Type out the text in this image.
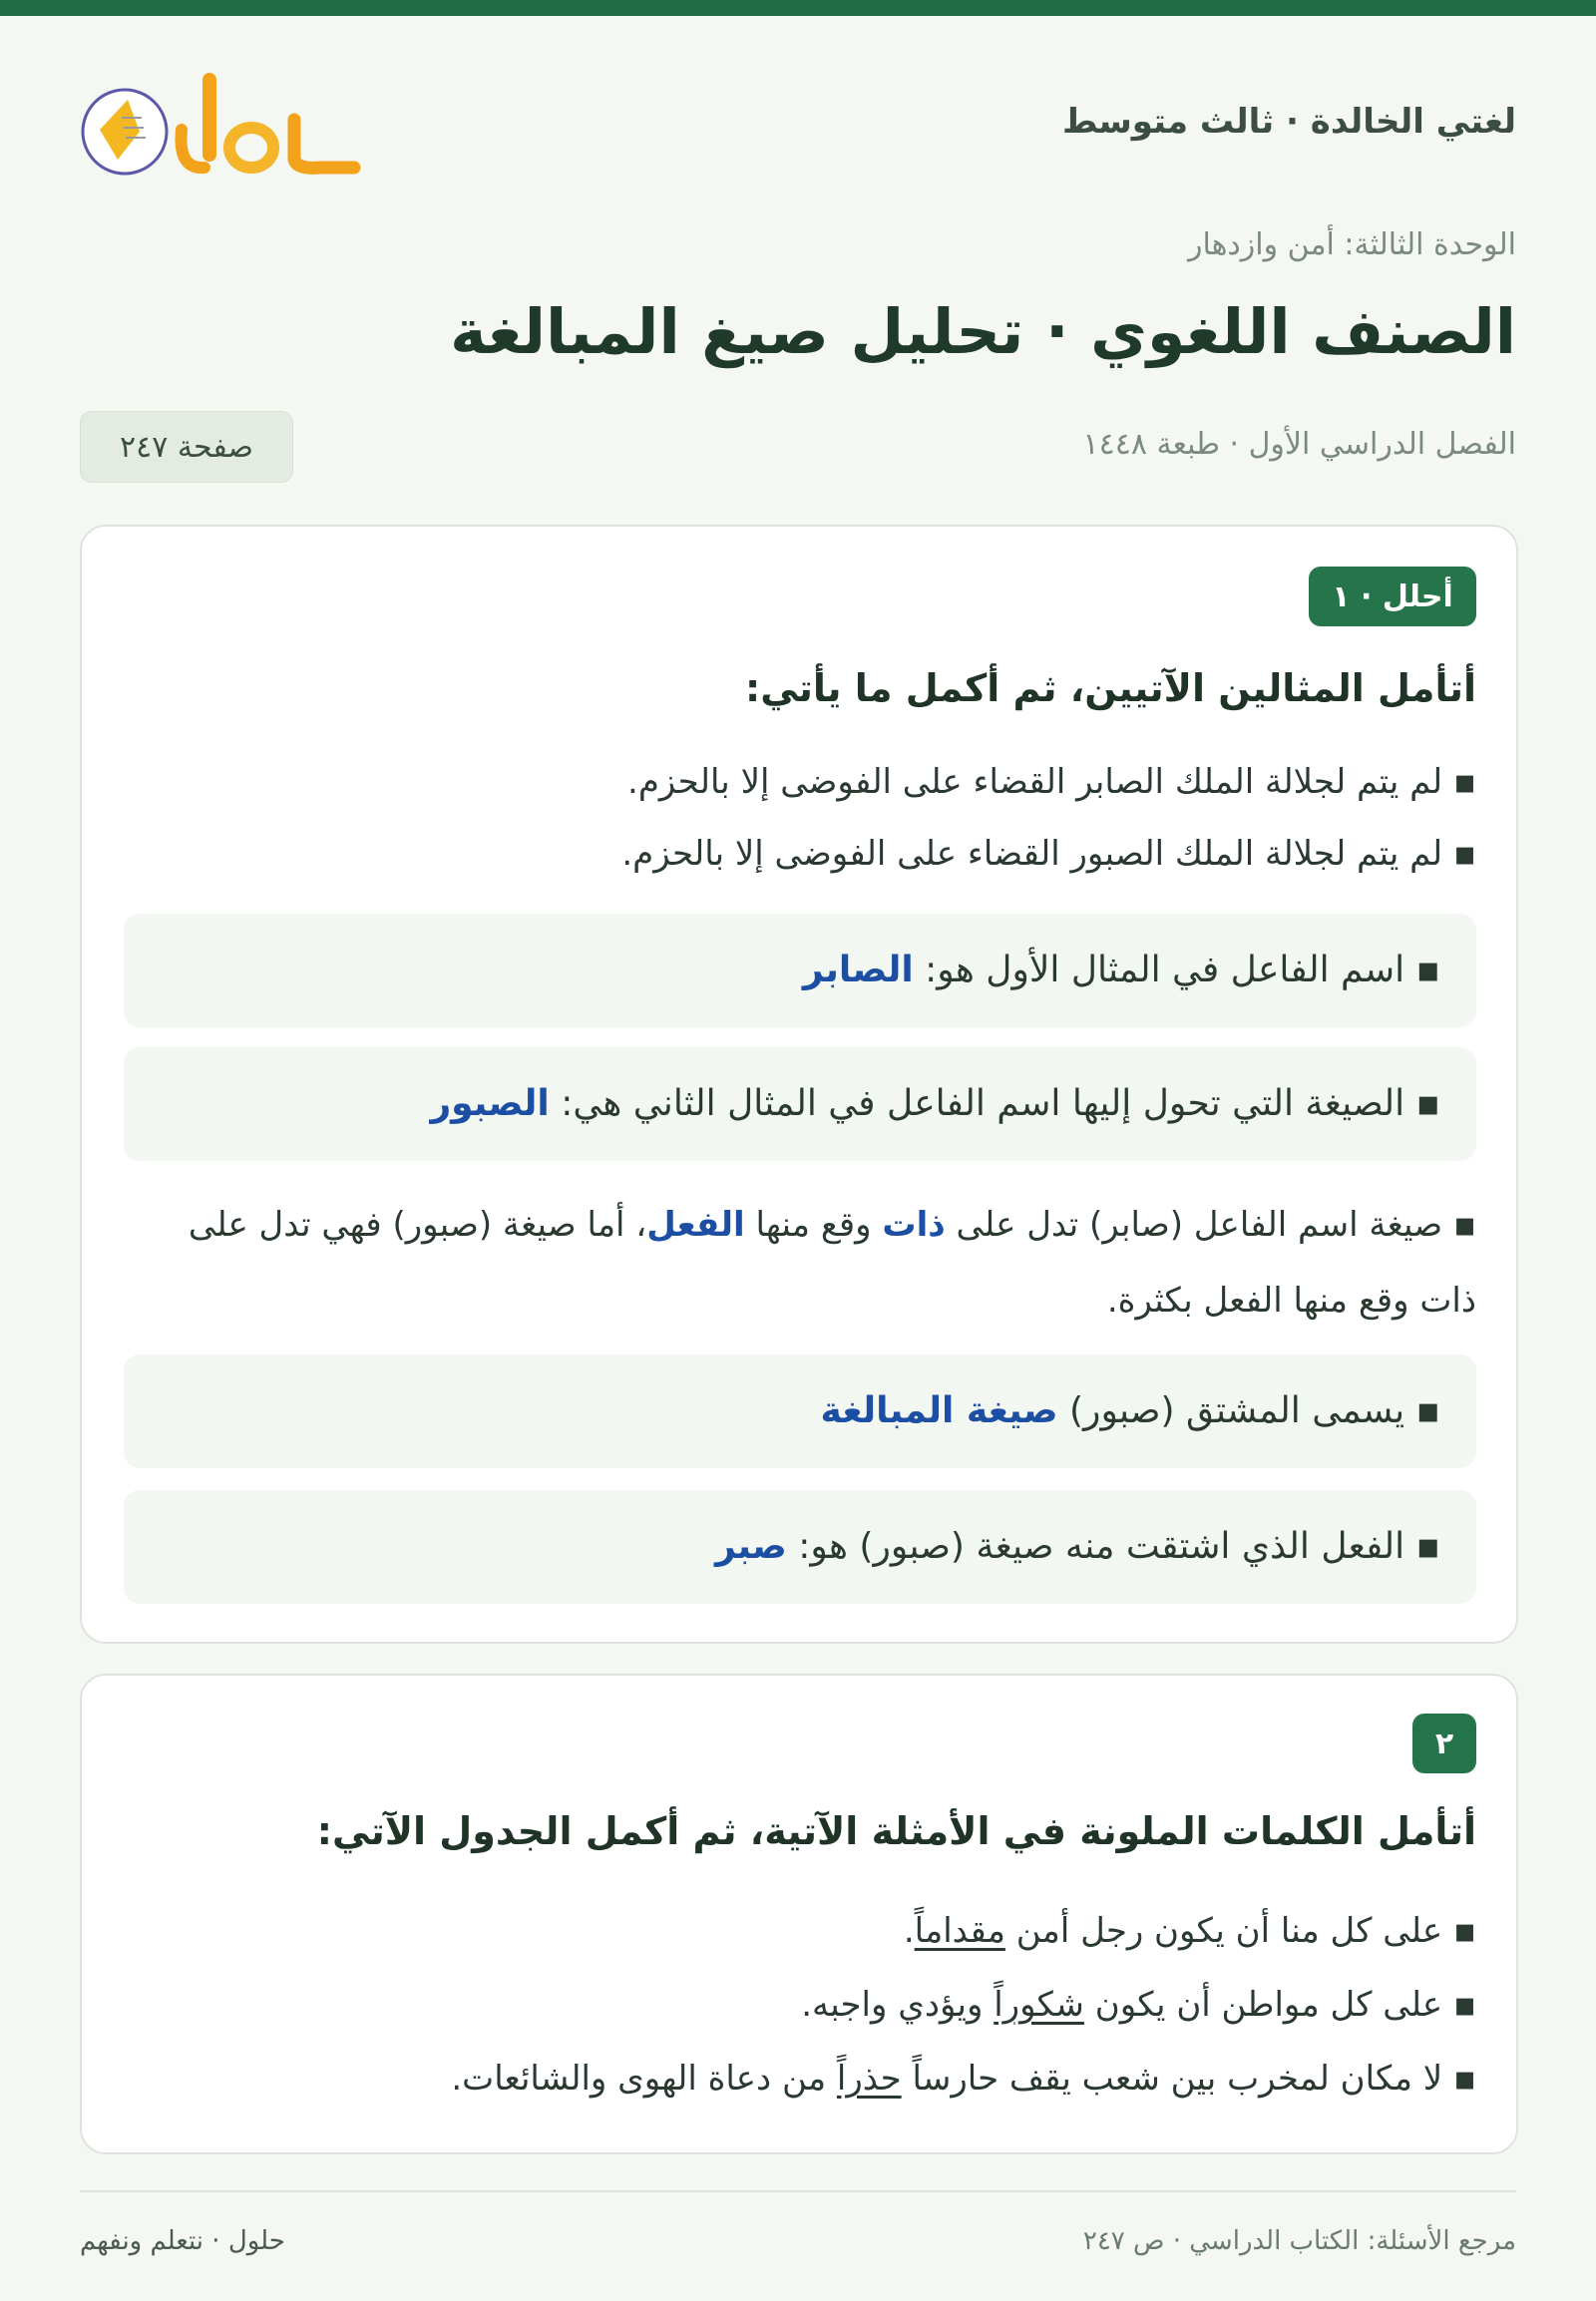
لغتي الخالدة · ثالث متوسط
الوحدة الثالثة: أمن وازدهار
الصنف اللغوي · تحليل صيغ المبالغة
الفصل الدراسي الأول · طبعة ١٤٤٨
صفحة ٢٤٧
أحلل · ١
أتأمل المثالين الآتيين، ثم أكمل ما يأتي:
▪ لم يتم لجلالة الملك الصابر القضاء على الفوضى إلا بالحزم.
▪ لم يتم لجلالة الملك الصبور القضاء على الفوضى إلا بالحزم.
▪ اسم الفاعل في المثال الأول هو: الصابر
▪ الصيغة التي تحول إليها اسم الفاعل في المثال الثاني هي: الصبور
▪ صيغة اسم الفاعل (صابر) تدل على ذات وقع منها الفعل، أما صيغة (صبور) فهي تدل على ذات وقع منها الفعل بكثرة.
▪ يسمى المشتق (صبور) صيغة المبالغة
▪ الفعل الذي اشتقت منه صيغة (صبور) هو: صبر
٢
أتأمل الكلمات الملونة في الأمثلة الآتية، ثم أكمل الجدول الآتي:
▪ على كل منا أن يكون رجل أمن مقداماً.
▪ على كل مواطن أن يكون شكوراً ويؤدي واجبه.
▪ لا مكان لمخرب بين شعب يقف حارساً حذراً من دعاة الهوى والشائعات.
مرجع الأسئلة: الكتاب الدراسي · ص ٢٤٧
حلول · نتعلم ونفهم
